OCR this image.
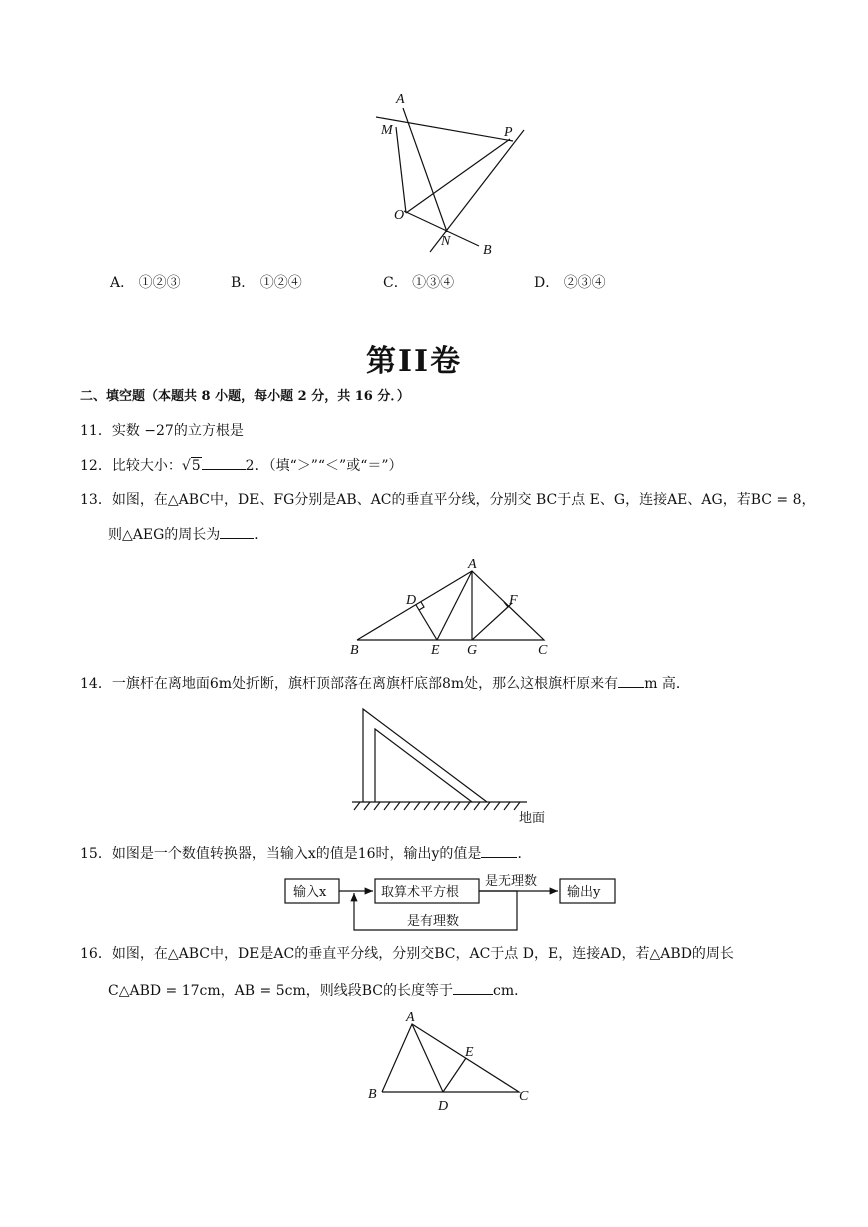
A
M	P
O
N
B
A． ①②③	B． ①②④	C． ①③④	D． ②③④
第II卷
二、填空题（本题共 8 小题，每小题 2 分，共 16 分．）
11．实数 −27的立方根是
12．比较大小：√5	2．（填“＞”“＜”或“＝”）
13．如图，在△ABC中，DE、FG分别是AB、AC的垂直平分线，分别交 BC于点 E、G，连接AE、AG，若BC = 8，
则△AEG的周长为 ．
A
D	F
B	E G	C
14．一旗杆在离地面6m处折断，旗杆顶部落在离旗杆底部8m处，那么这根旗杆原来有 m 高．
地面
15．如图是一个数值转换器，当输入x的值是16时，输出y的值是	．
输入x	取算术平方根	输出y
是无理数
是有理数
16．如图，在△ABC中，DE是AC的垂直平分线，分别交BC，AC于点 D，E，连接AD，若△ABD的周长
C△ABD = 17cm，AB = 5cm，则线段BC的长度等于	cm．
A
E
B
D
C
